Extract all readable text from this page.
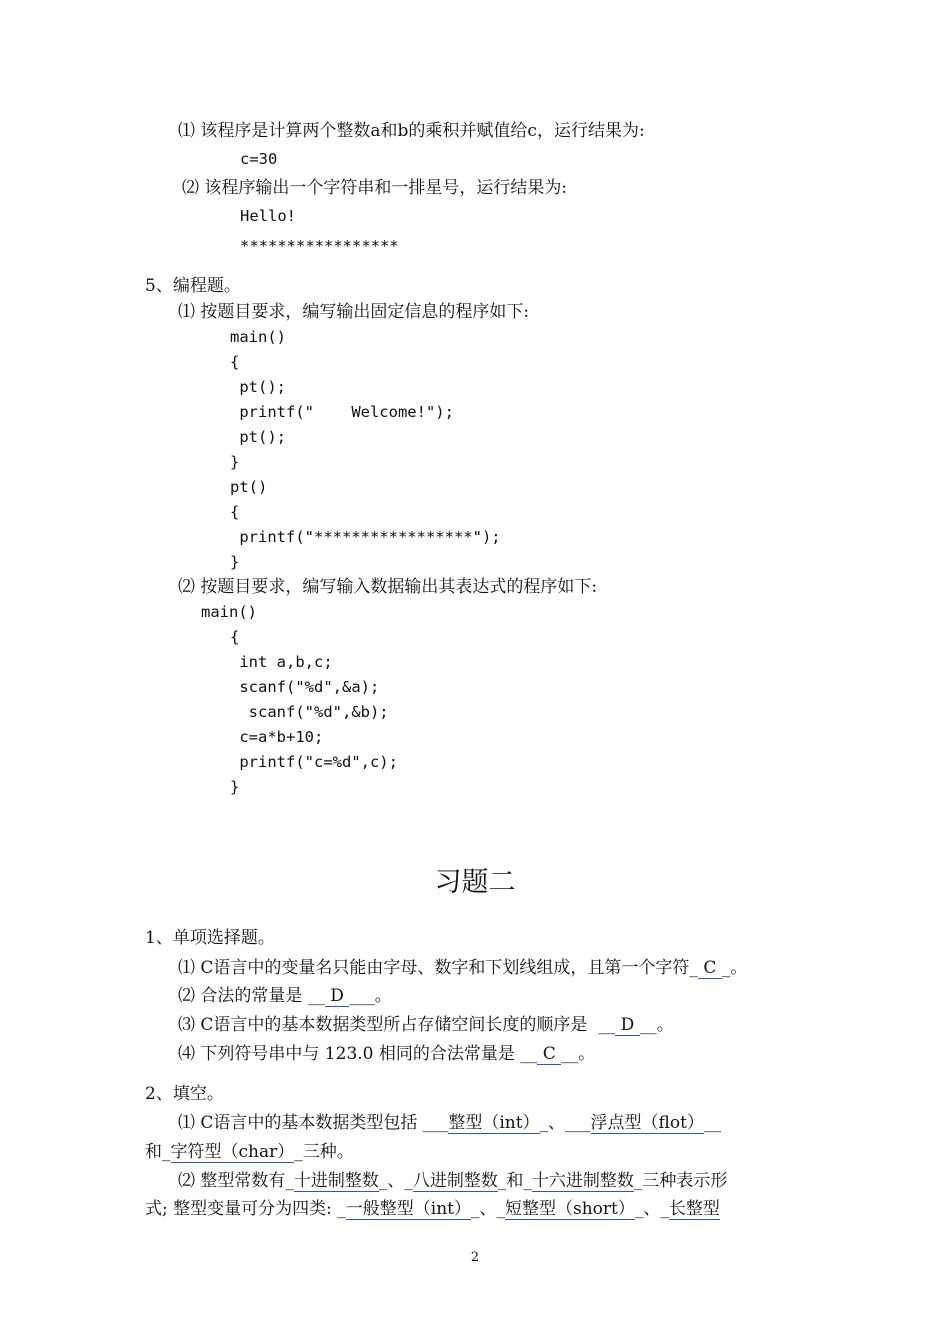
⑴ 该程序是计算两个整数a和b的乘积并赋值给c，运行结果为:
c=30
⑵ 该程序输出一个字符串和一排星号，运行结果为:
Hello!
*****************
5、编程题。
⑴ 按题目要求，编写输出固定信息的程序如下:
main()
{
pt();
printf("    Welcome!");
pt();
}
pt()
{
printf("*****************");
}
⑵ 按题目要求，编写输入数据输出其表达式的程序如下:
main()
{
int a,b,c;
scanf("%d",&a);
scanf("%d",&b);
c=a*b+10;
printf("c=%d",c);
}
习题二
1、单项选择题。
⑴ C语言中的变量名只能由字母、数字和下划线组成，且第一个字符_ C _。
⑵ 合法的常量是 __ D ___。
⑶ C语言中的基本数据类型所占存储空间长度的顺序是  __ D __。
⑷ 下列符号串中与 123.0 相同的合法常量是 __ C __。
2、填空。
⑴ C语言中的基本数据类型包括 ___整型（int）_、___浮点型（flot）__
和_字符型（char）_三种。
⑵ 整型常数有_十进制整数_、_八进制整数_和_十六进制整数_三种表示形
式; 整型变量可分为四类: _一般整型（int）_、_短整型（short）_、_长整型
2
